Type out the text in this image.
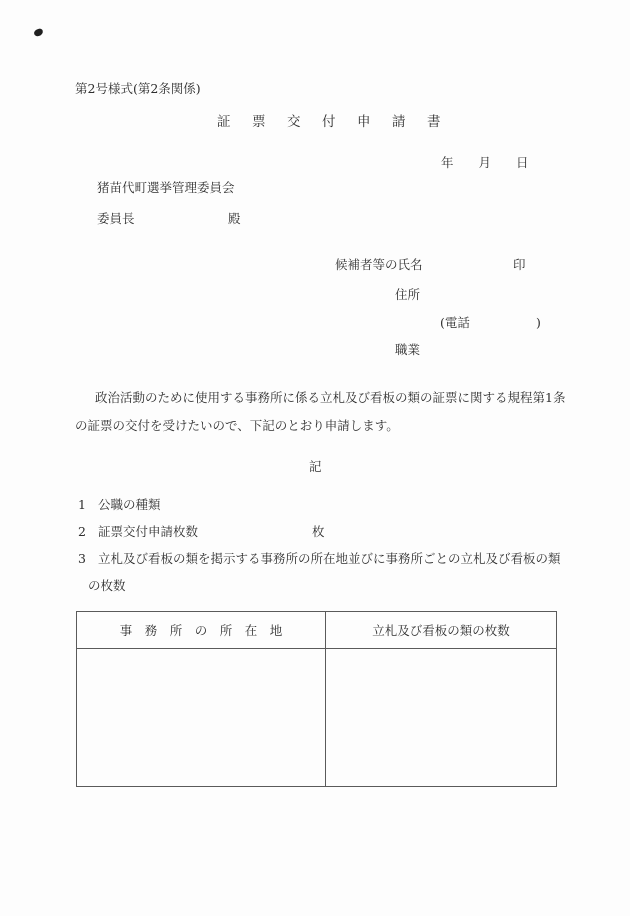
第2号様式(第2条関係)
証　票　交　付　申　請　書
年　　月　　日
猪苗代町選挙管理委員会
委員長	殿
候補者等の氏名	印
住所
(電話	)
職業
政治活動のために使用する事務所に係る立札及び看板の類の証票に関する規程第1条
の証票の交付を受けたいので、下記のとおり申請します。
記
1 公職の種類
2 証票交付申請枚数	枚
3 立札及び看板の類を掲示する事務所の所在地並びに事務所ごとの立札及び看板の類
の枚数
事　務　所　の　所　在　地	立札及び看板の類の枚数
